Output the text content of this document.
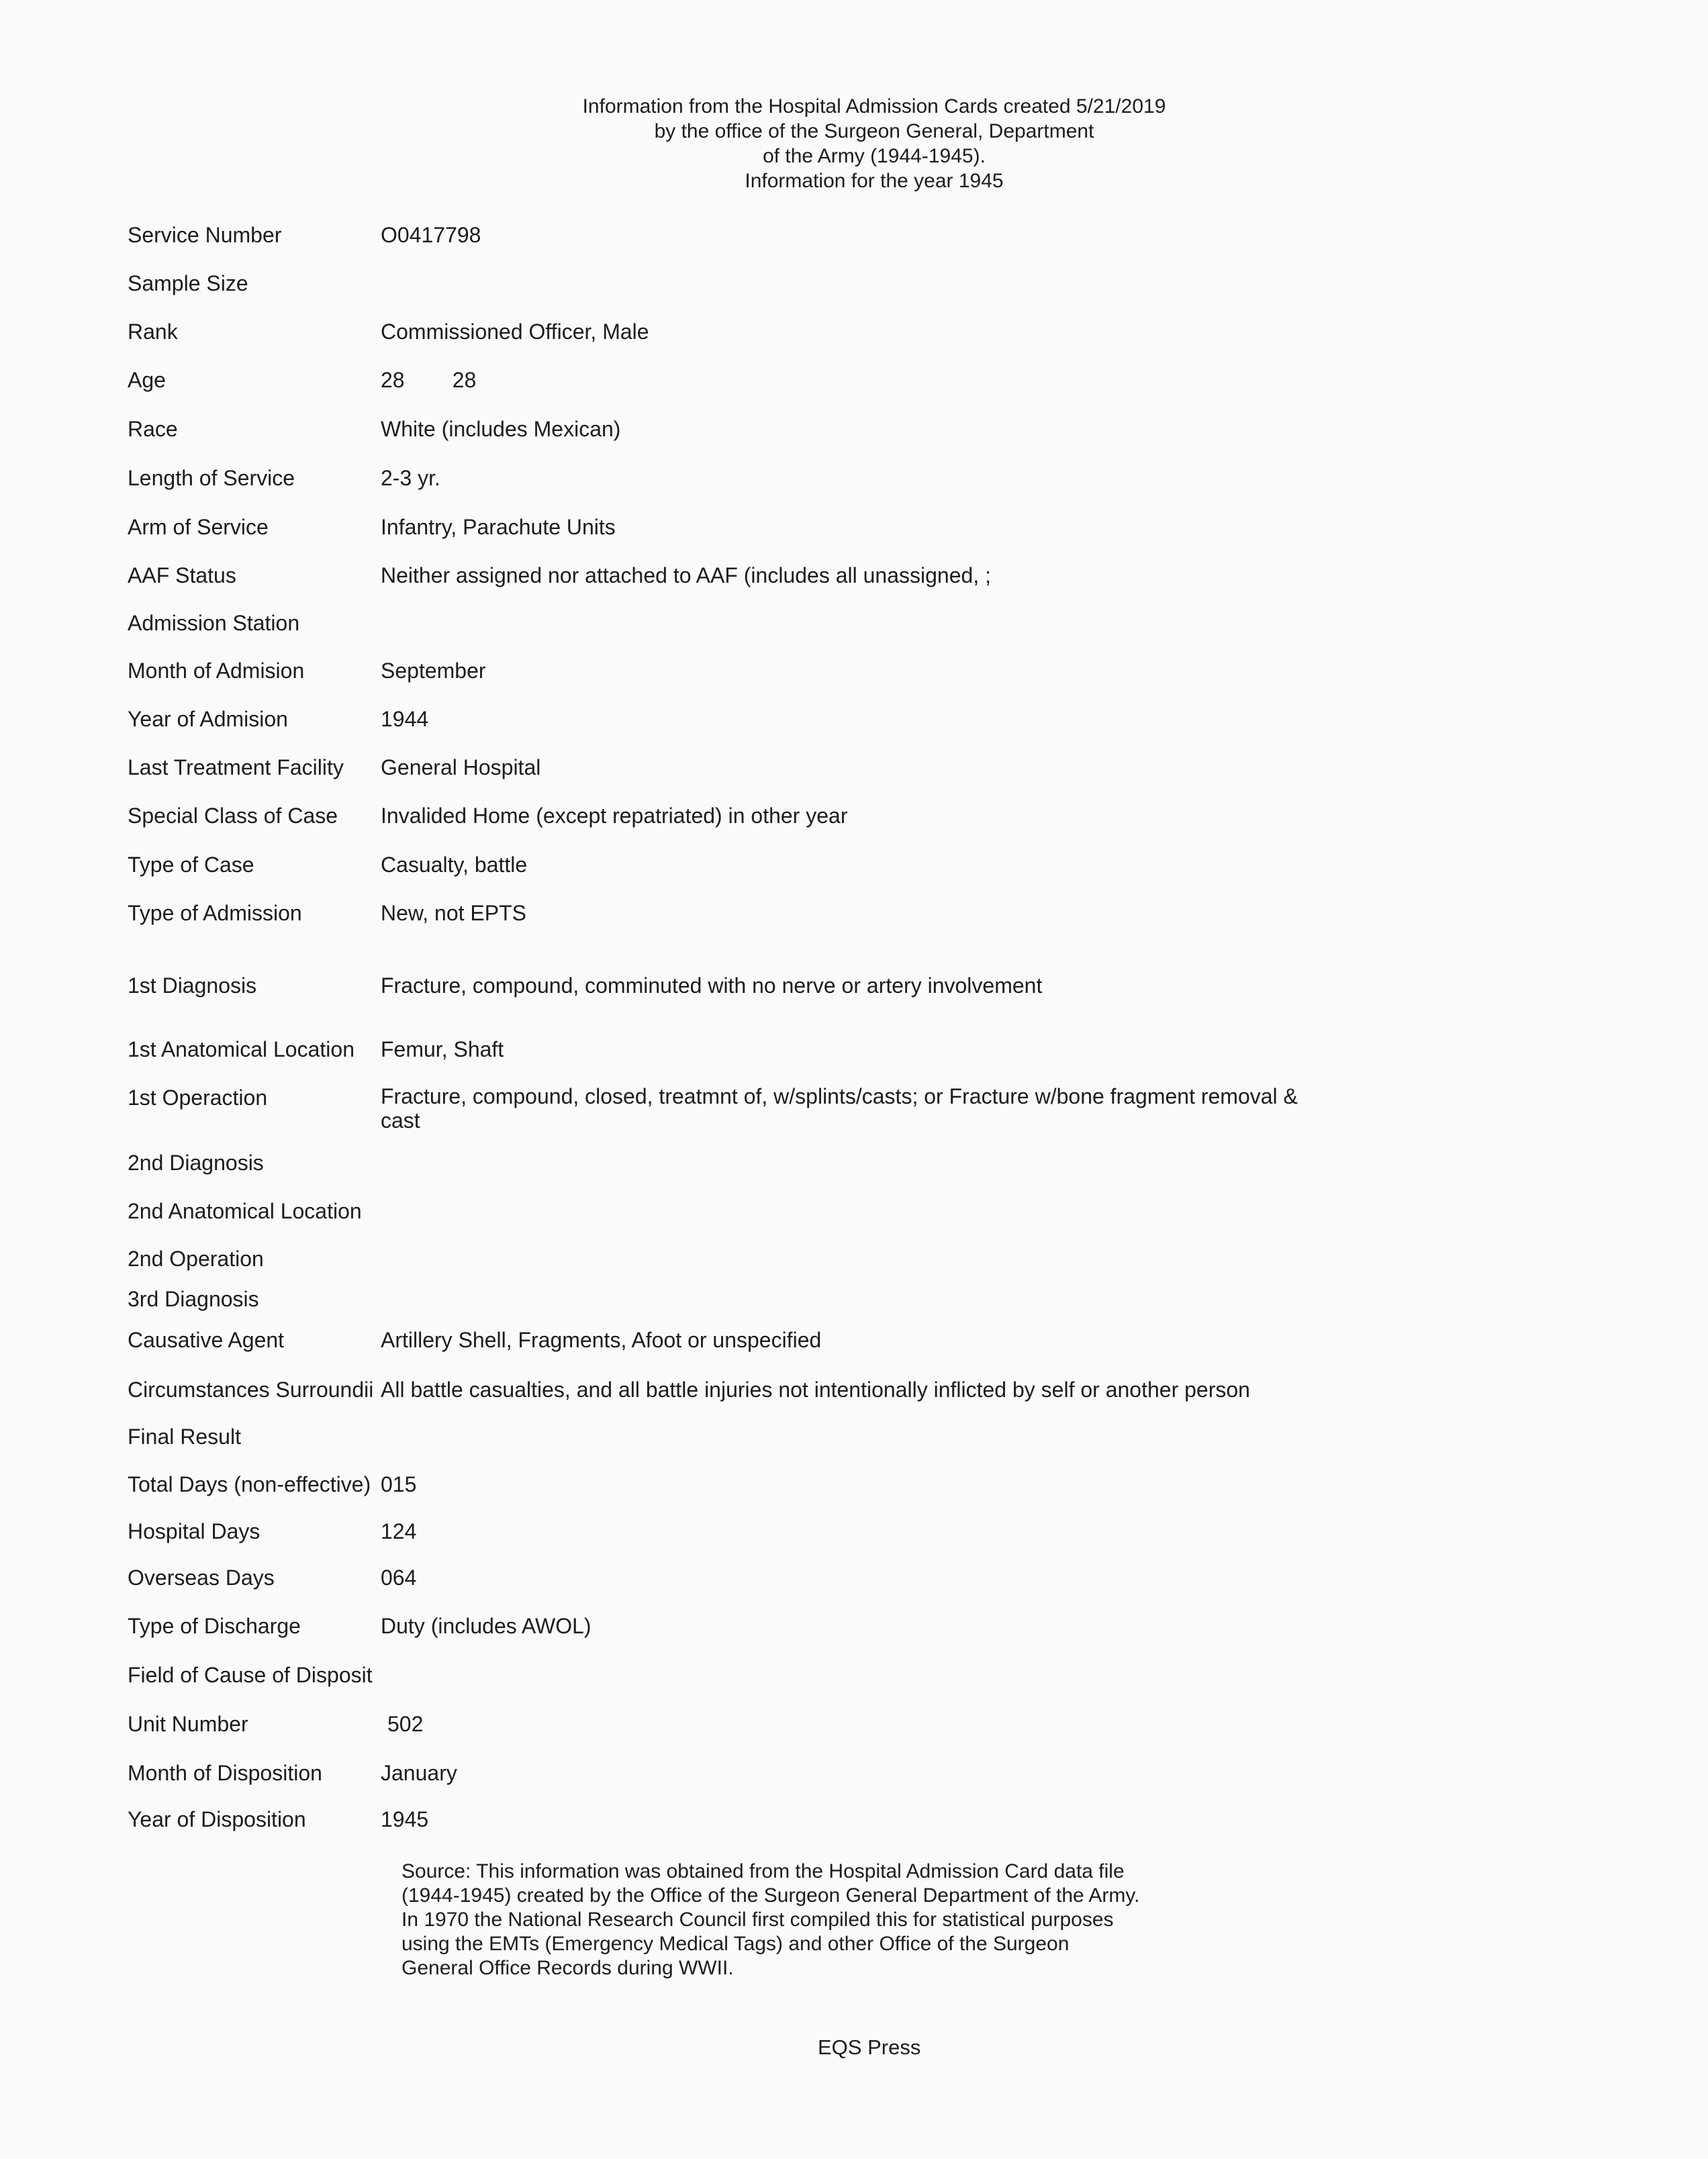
Information from the Hospital Admission Cards created 5/21/2019
by the office of the Surgeon General, Department
of the Army (1944-1945).
Information for the year 1945
Service Number	O0417798
Sample Size
Rank	Commissioned Officer, Male
Age	28        28
Race	White (includes Mexican)
Length of Service	2-3 yr.
Arm of Service	Infantry, Parachute Units
AAF Status	Neither assigned nor attached to AAF (includes all unassigned, ;
Admission Station
Month of Admision	September
Year of Admision	1944
Last Treatment Facility	General Hospital
Special Class of Case	Invalided Home (except repatriated) in other year
Type of Case	Casualty, battle
Type of Admission	New, not EPTS
1st Diagnosis	Fracture, compound, comminuted with no nerve or artery involvement
1st Anatomical Location	Femur, Shaft
1st Operaction	Fracture, compound, closed, treatmnt of, w/splints/casts; or Fracture w/bone fragment removal & cast
2nd Diagnosis
2nd Anatomical Location
2nd Operation
3rd Diagnosis
Causative Agent	Artillery Shell, Fragments, Afoot or unspecified
Circumstances Surroundii All battle casualties, and all battle injuries not intentionally inflicted by self or another person
Final Result
Total Days (non-effective) 015
Hospital Days	124
Overseas Days	064
Type of Discharge	Duty (includes AWOL)
Field of Cause of Disposit
Unit Number	502
Month of Disposition	January
Year of Disposition	1945
Source: This information was obtained from the Hospital Admission Card data file (1944-1945) created by the Office of the Surgeon General Department of the Army. In 1970 the National Research Council first compiled this for statistical purposes using the EMTs (Emergency Medical Tags) and other Office of the Surgeon General Office Records during WWII.
EQS Press
